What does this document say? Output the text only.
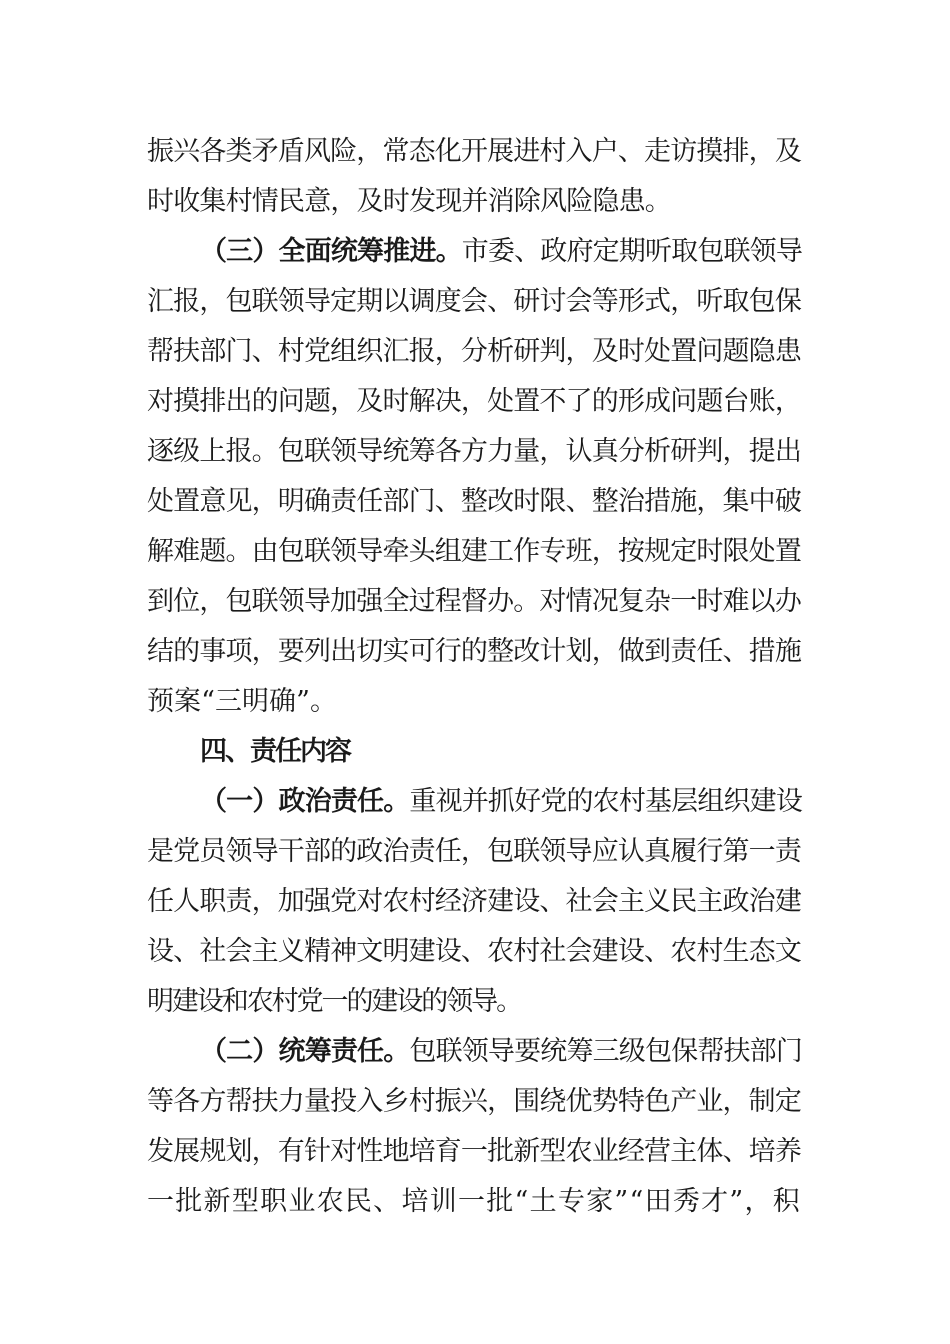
振兴各类矛盾风险，常态化开展进村入户、走访摸排，及
时收集村情民意，及时发现并消除风险隐患。
（三）全面统筹推进。市委、政府定期听取包联领导
汇报，包联领导定期以调度会、研讨会等形式，听取包保
帮扶部门、村党组织汇报，分析研判，及时处置问题隐患
对摸排出的问题，及时解决，处置不了的形成问题台账，
逐级上报。包联领导统筹各方力量，认真分析研判，提出
处置意见，明确责任部门、整改时限、整治措施，集中破
解难题。由包联领导牵头组建工作专班，按规定时限处置
到位，包联领导加强全过程督办。对情况复杂一时难以办
结的事项，要列出切实可行的整改计划，做到责任、措施
预案“三明确”。
四、责任内容
（一）政治责任。重视并抓好党的农村基层组织建设
是党员领导干部的政治责任，包联领导应认真履行第一责
任人职责，加强党对农村经济建设、社会主义民主政治建
设、社会主义精神文明建设、农村社会建设、农村生态文
明建设和农村党一的建设的领导。
（二）统筹责任。包联领导要统筹三级包保帮扶部门
等各方帮扶力量投入乡村振兴，围绕优势特色产业，制定
发展规划，有针对性地培育一批新型农业经营主体、培养
一批新型职业农民、培训一批“土专家”“田秀才”，积
